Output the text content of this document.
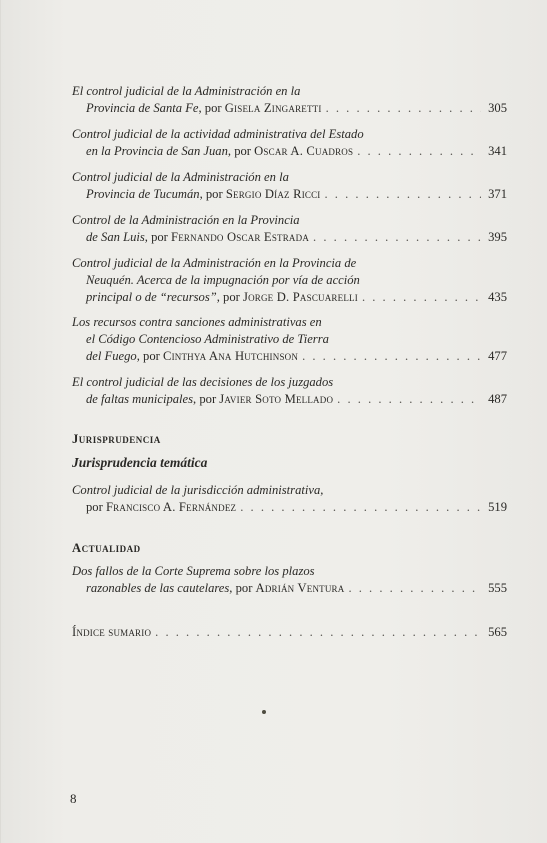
El control judicial de la Administración en la
Provincia de Santa Fe , por
Gisela Zingaretti . . .	305
Control judicial de la actividad administrativa del Estado
en la Provincia de San Juan , por
Oscar A. Cuadros . . .	341
Control judicial de la Administración en la
Provincia de Tucumán , por
Sergio Díaz Ricci . . .	371
Control de la Administración en la Provincia
de San Luis , por
Fernando Oscar Estrada . . .	395
Control judicial de la Administración en la Provincia de
Neuquén. Acerca de la impugnación por vía de acción
principal o de “recursos” , por
Jorge D. Pascuarelli . . .	435
Los recursos contra sanciones administrativas en
el Código Contencioso Administrativo de Tierra
del Fuego , por
Cinthya Ana Hutchinson . . .	477
El control judicial de las decisiones de los juzgados
de faltas municipales , por
Javier Soto Mellado . . .	487
Jurisprudencia
Jurisprudencia temática
Control judicial de la jurisdicción administrativa,
por
Francisco A. Fernández . . .	519
Actualidad
Dos fallos de la Corte Suprema sobre los plazos
razonables de las cautelares , por
Adrián Ventura . . .	555
Índice sumario . . .	565
8
